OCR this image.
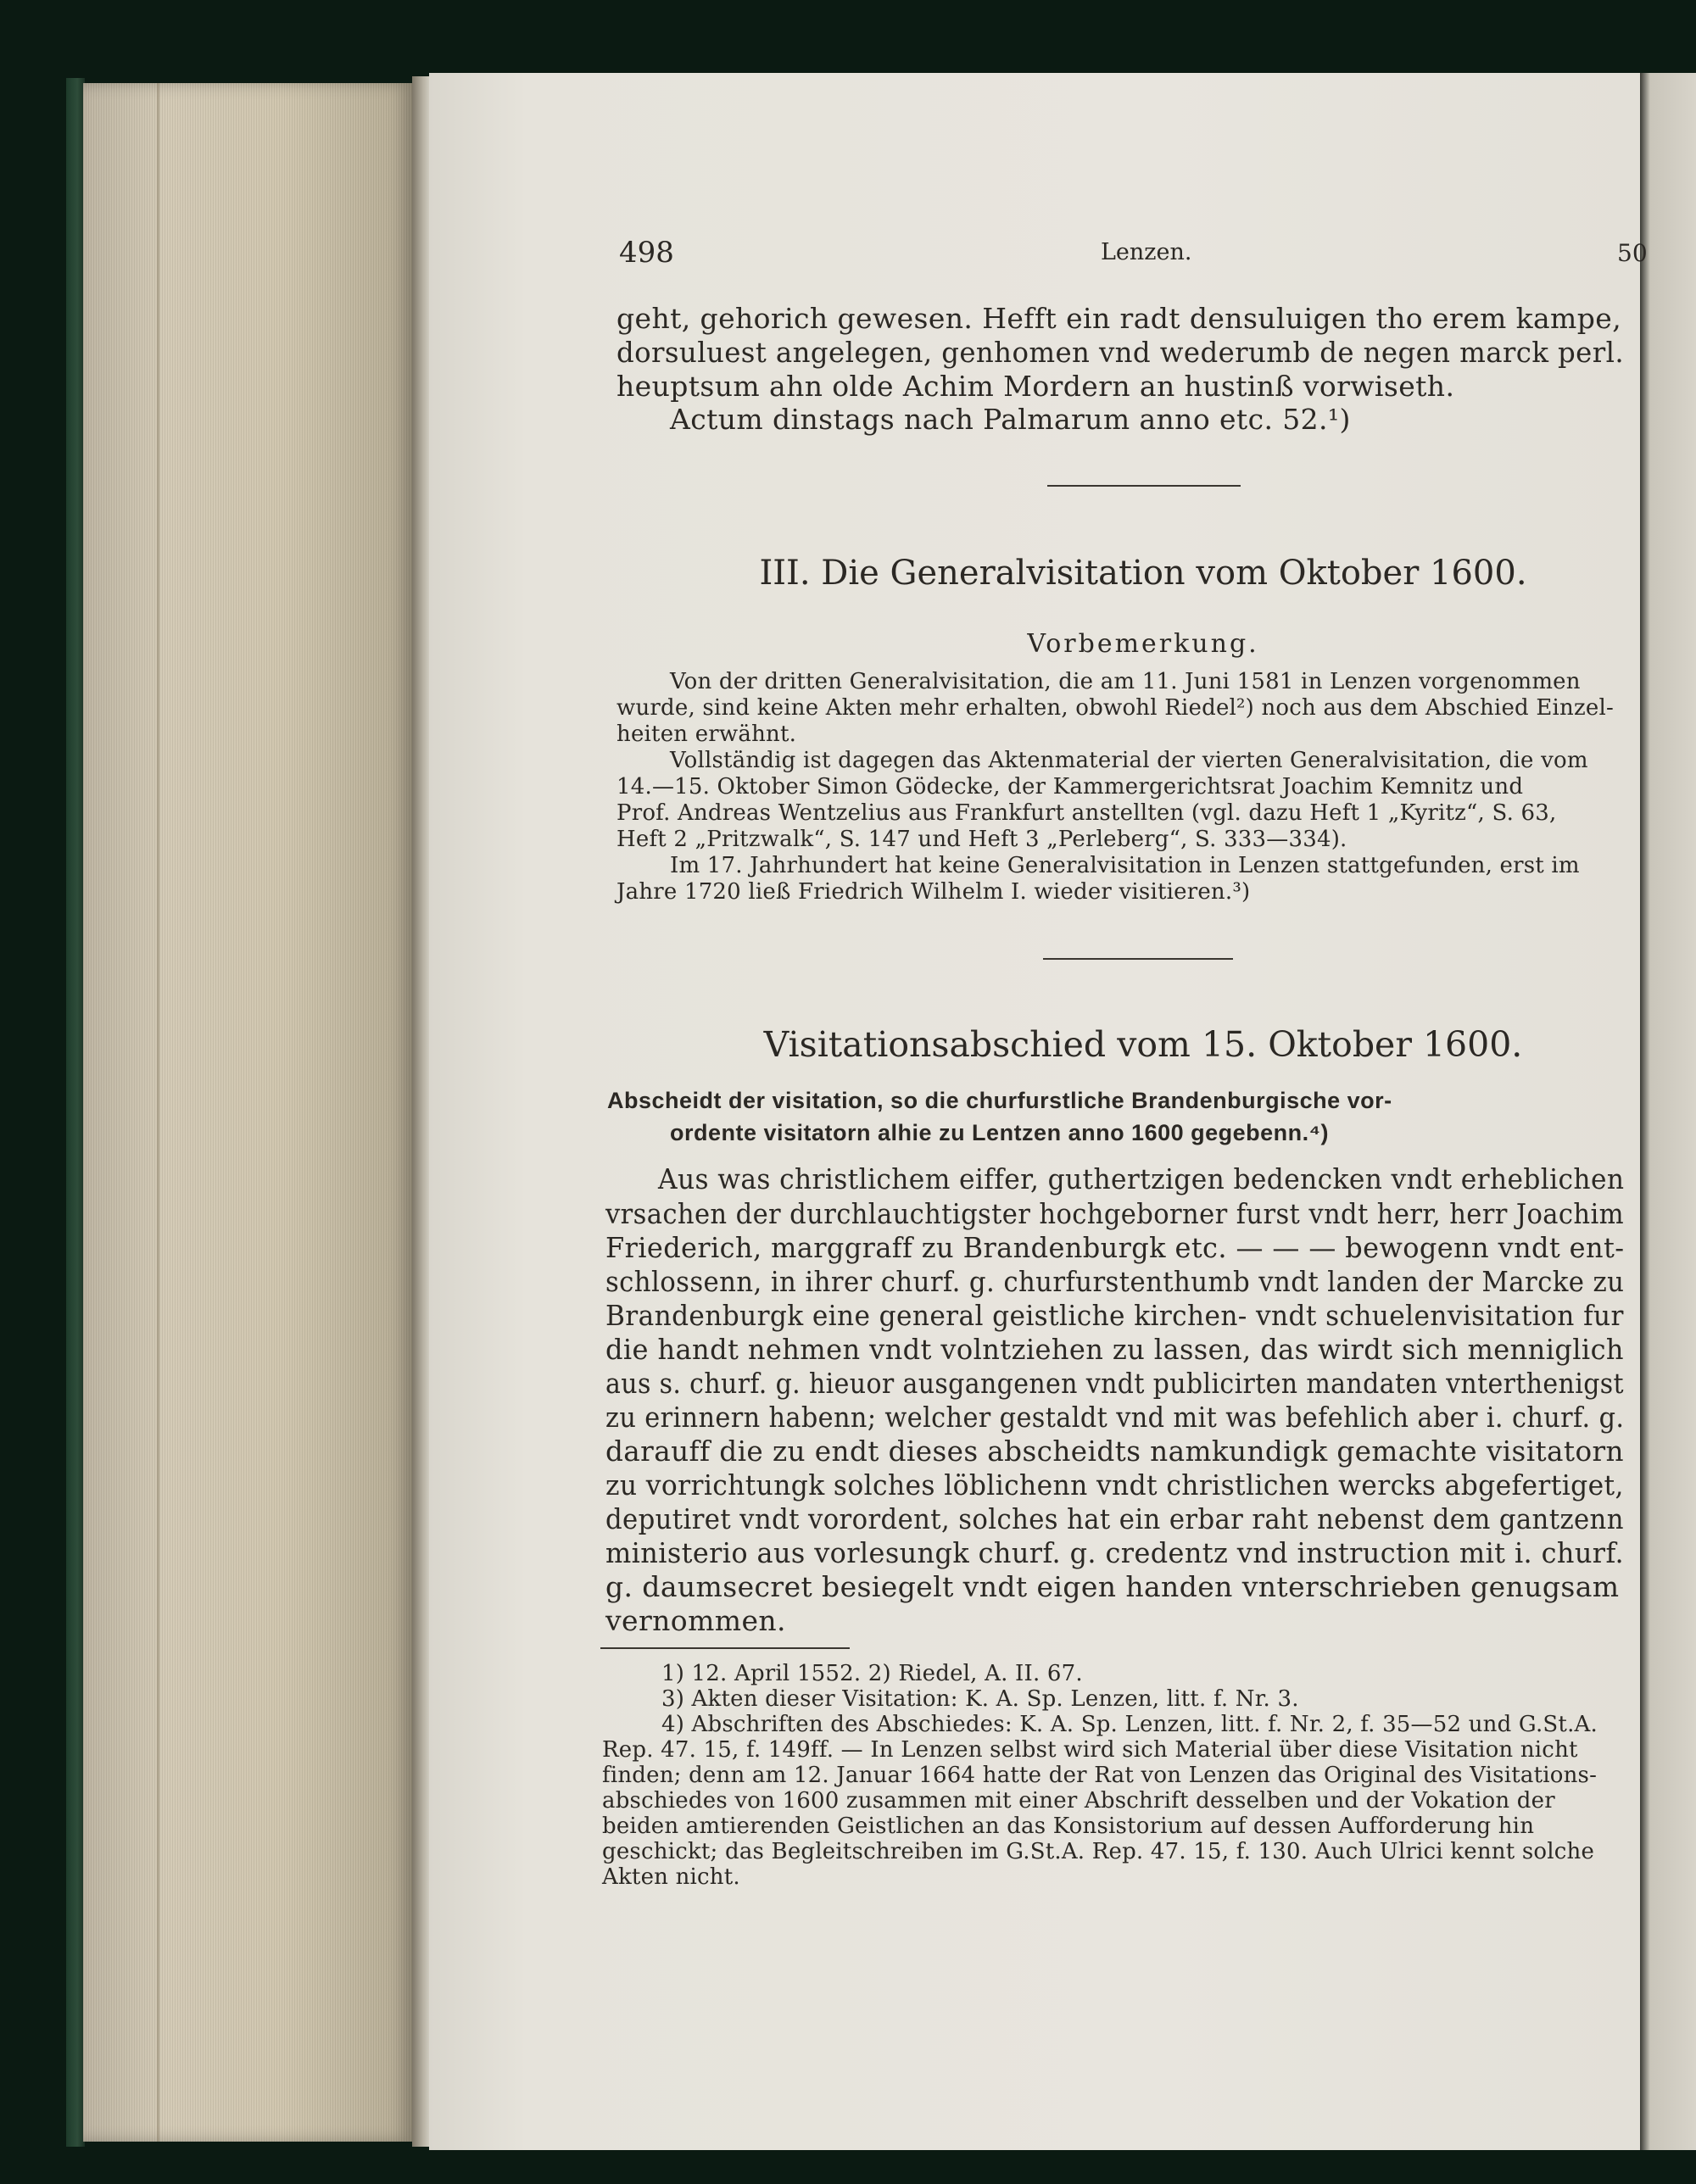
498	Lenzen.	50
geht, gehorich gewesen. Hefft ein radt densuluigen tho erem kampe,
dorsuluest angelegen, genhomen vnd wederumb de negen marck perl.
heuptsum ahn olde Achim Mordern an hustinß vorwiseth.
Actum dinstags nach Palmarum anno etc. 52.¹)
III. Die Generalvisitation vom Oktober 1600.
Vorbemerkung.
Von der dritten Generalvisitation, die am 11. Juni 1581 in Lenzen vorgenommen
wurde, sind keine Akten mehr erhalten, obwohl Riedel²) noch aus dem Abschied Einzel-
heiten erwähnt.
Vollständig ist dagegen das Aktenmaterial der vierten Generalvisitation, die vom
14.—15. Oktober Simon Gödecke, der Kammergerichtsrat Joachim Kemnitz und
Prof. Andreas Wentzelius aus Frankfurt anstellten (vgl. dazu Heft 1 „Kyritz“, S. 63,
Heft 2 „Pritzwalk“, S. 147 und Heft 3 „Perleberg“, S. 333—334).
Im 17. Jahrhundert hat keine Generalvisitation in Lenzen stattgefunden, erst im
Jahre 1720 ließ Friedrich Wilhelm I. wieder visitieren.³)
Visitationsabschied vom 15. Oktober 1600.
Abscheidt der visitation, so die churfurstliche Brandenburgische vor-
ordente visitatorn alhie zu Lentzen anno 1600 gegebenn.⁴)
Aus was christlichem eiffer, guthertzigen bedencken vndt erheblichen
vrsachen der durchlauchtigster hochgeborner furst vndt herr, herr Joachim
Friederich, marggraff zu Brandenburgk etc. — — — bewogenn vndt ent-
schlossenn, in ihrer churf. g. churfurstenthumb vndt landen der Marcke zu
Brandenburgk eine general geistliche kirchen- vndt schuelenvisitation fur
die handt nehmen vndt volntziehen zu lassen, das wirdt sich menniglich
aus s. churf. g. hieuor ausgangenen vndt publicirten mandaten vnterthenigst
zu erinnern habenn; welcher gestaldt vnd mit was befehlich aber i. churf. g.
darauff die zu endt dieses abscheidts namkundigk gemachte visitatorn
zu vorrichtungk solches löblichenn vndt christlichen wercks abgefertiget,
deputiret vndt vorordent, solches hat ein erbar raht nebenst dem gantzenn
ministerio aus vorlesungk churf. g. credentz vnd instruction mit i. churf.
g. daumsecret besiegelt vndt eigen handen vnterschrieben genugsam
vernommen.
1) 12. April 1552. 2) Riedel, A. II. 67.
3) Akten dieser Visitation: K. A. Sp. Lenzen, litt. f. Nr. 3.
4) Abschriften des Abschiedes: K. A. Sp. Lenzen, litt. f. Nr. 2, f. 35—52 und G.St.A.
Rep. 47. 15, f. 149ff. — In Lenzen selbst wird sich Material über diese Visitation nicht
finden; denn am 12. Januar 1664 hatte der Rat von Lenzen das Original des Visitations-
abschiedes von 1600 zusammen mit einer Abschrift desselben und der Vokation der
beiden amtierenden Geistlichen an das Konsistorium auf dessen Aufforderung hin
geschickt; das Begleitschreiben im G.St.A. Rep. 47. 15, f. 130. Auch Ulrici kennt solche
Akten nicht.
